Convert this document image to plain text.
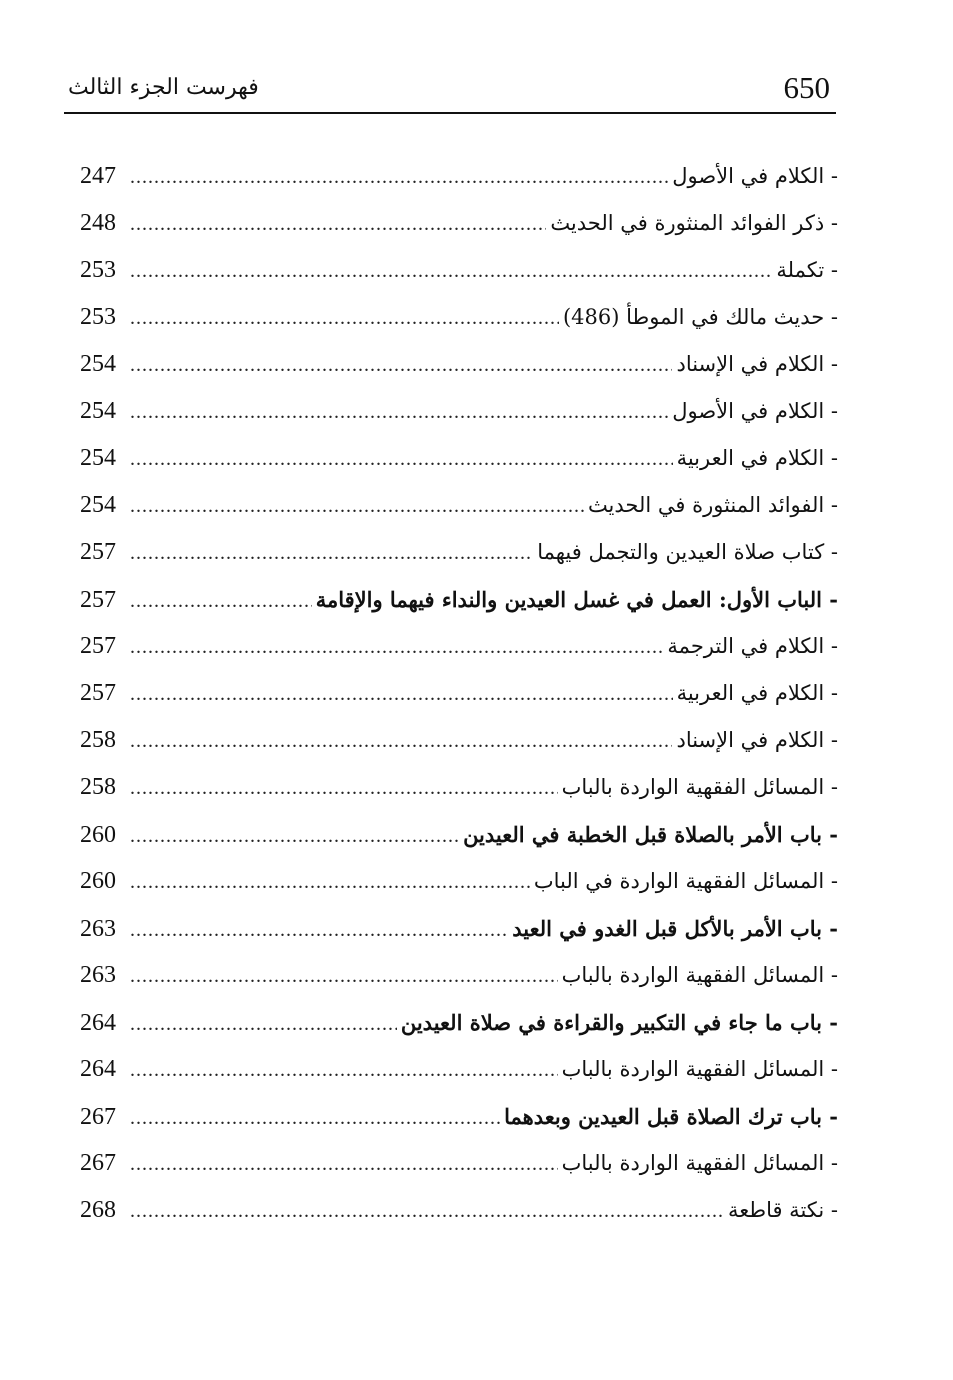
650
فهرست الجزء الثالث
- الكلام في الأصول
.....
247
- ذكر الفوائد المنثورة في الحديث
.....
248
- تكملة
.....
253
- حديث مالك في الموطأ (486)
.....
253
- الكلام في الإسناد
.....
254
- الكلام في الأصول
.....
254
- الكلام في العربية
.....
254
- الفوائد المنثورة في الحديث
.....
254
- كتاب صلاة العيدين والتجمل فيهما
.....
257
- الباب الأول: العمل في غسل العيدين والنداء فيهما والإقامة
.....
257
- الكلام في الترجمة
.....
257
- الكلام في العربية
.....
257
- الكلام في الإسناد
.....
258
- المسائل الفقهية الواردة بالباب
.....
258
- باب الأمر بالصلاة قبل الخطبة في العيدين
.....
260
- المسائل الفقهية الواردة في الباب
.....
260
- باب الأمر بالأكل قبل الغدو في العيد
.....
263
- المسائل الفقهية الواردة بالباب
.....
263
- باب ما جاء في التكبير والقراءة في صلاة العيدين
.....
264
- المسائل الفقهية الواردة بالباب
.....
264
- باب ترك الصلاة قبل العيدين وبعدهما
.....
267
- المسائل الفقهية الواردة بالباب
.....
267
- نكتة قاطعة
.....
268
